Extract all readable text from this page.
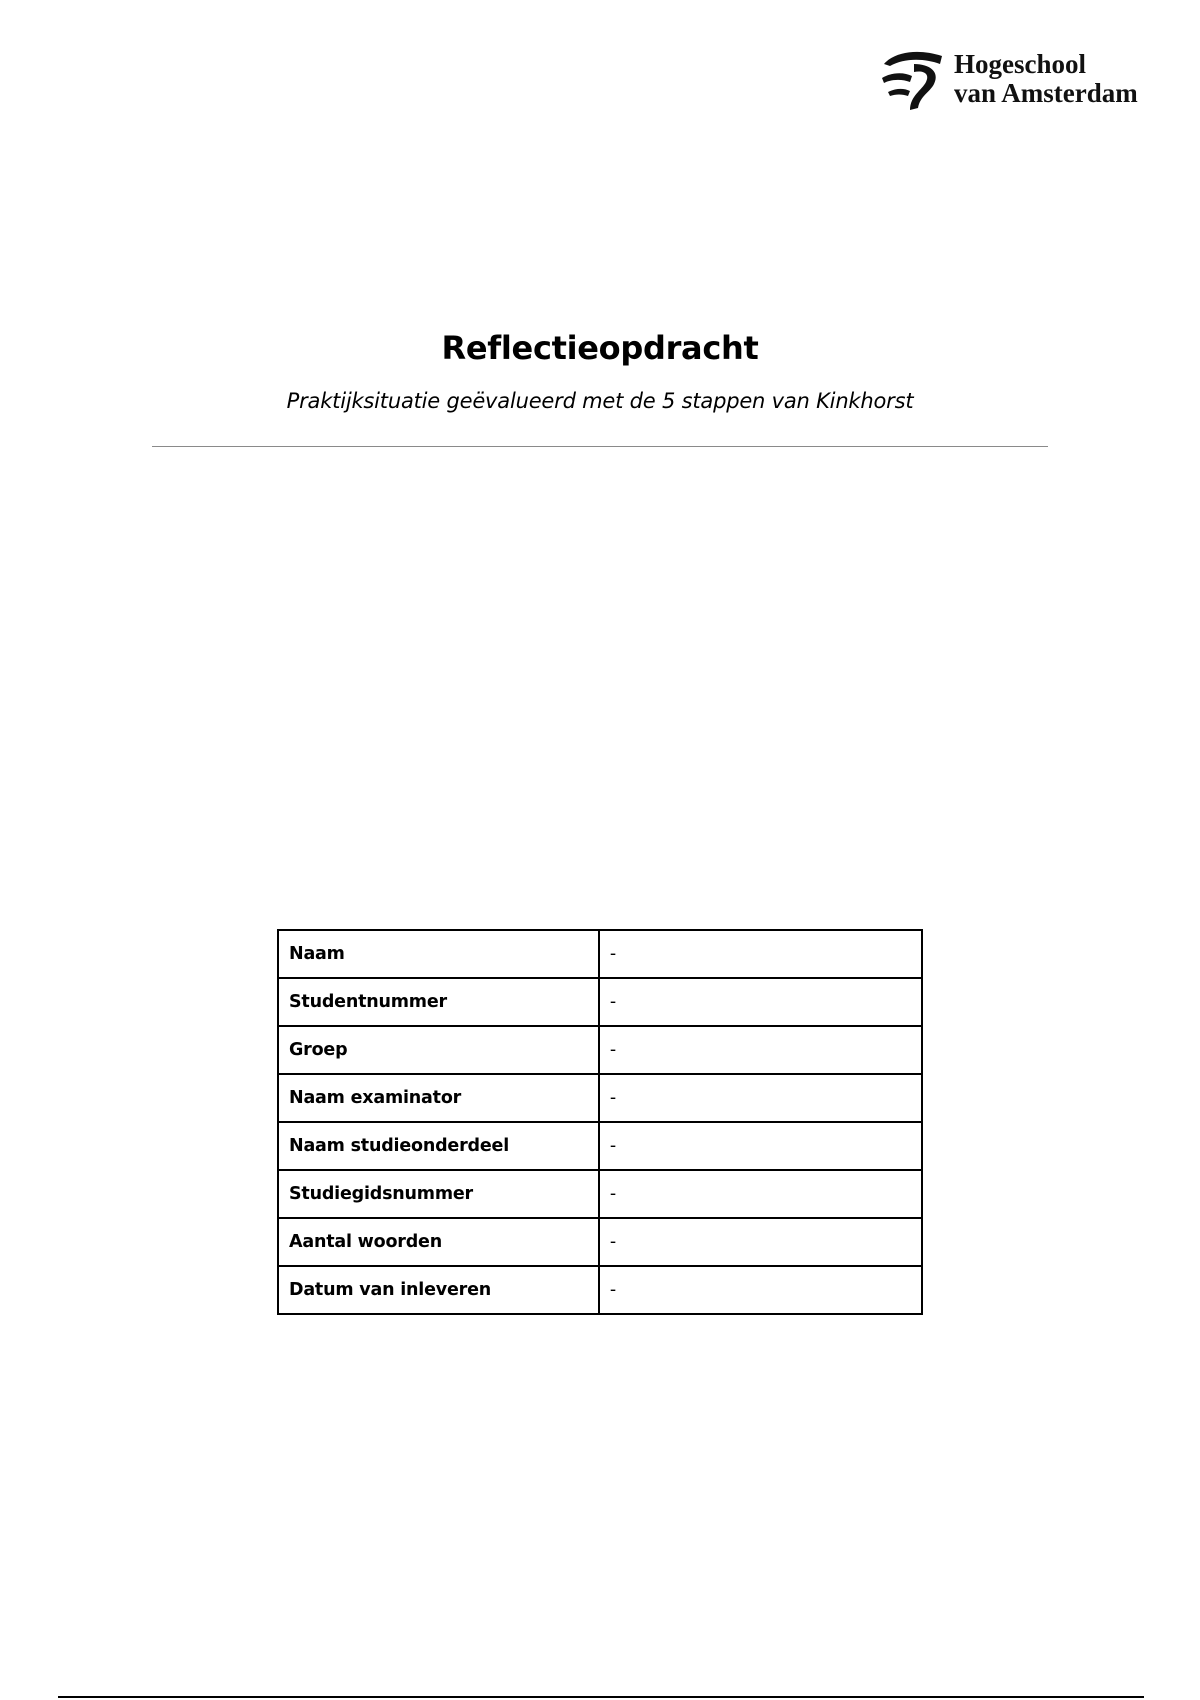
Hogeschool
van Amsterdam
Reflectieopdracht
Praktijksituatie geëvalueerd met de 5 stappen van Kinkhorst
Naam	-
Studentnummer	-
Groep	-
Naam examinator	-
Naam studieonderdeel	-
Studiegidsnummer	-
Aantal woorden	-
Datum van inleveren	-
